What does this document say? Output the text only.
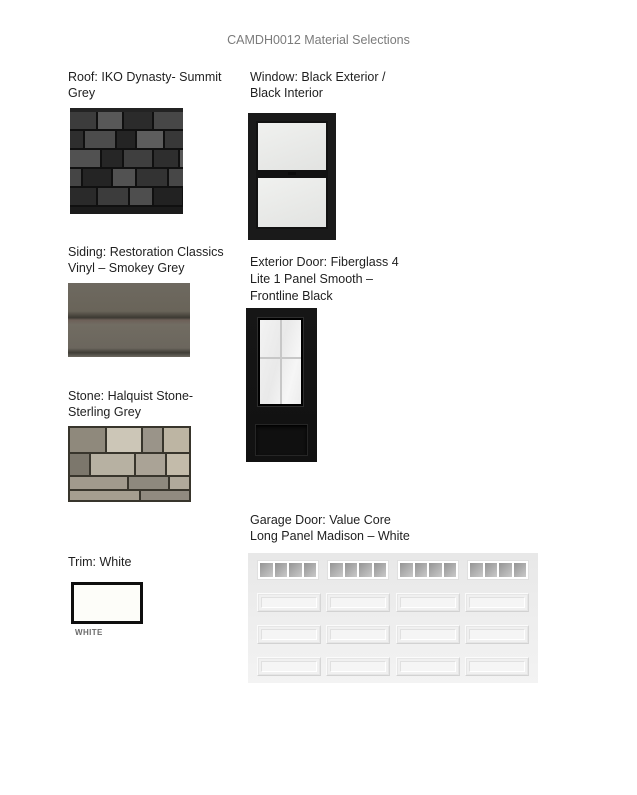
CAMDH0012 Material Selections
Roof: IKO Dynasty- Summit
Grey
Window: Black Exterior /
Black Interior
Siding: Restoration Classics
Vinyl – Smokey Grey	Exterior Door: Fiberglass 4
Lite 1 Panel Smooth –
Frontline Black
Stone: Halquist Stone-
Sterling Grey
Trim: White
WHITE
Garage Door: Value Core
Long Panel Madison – White
